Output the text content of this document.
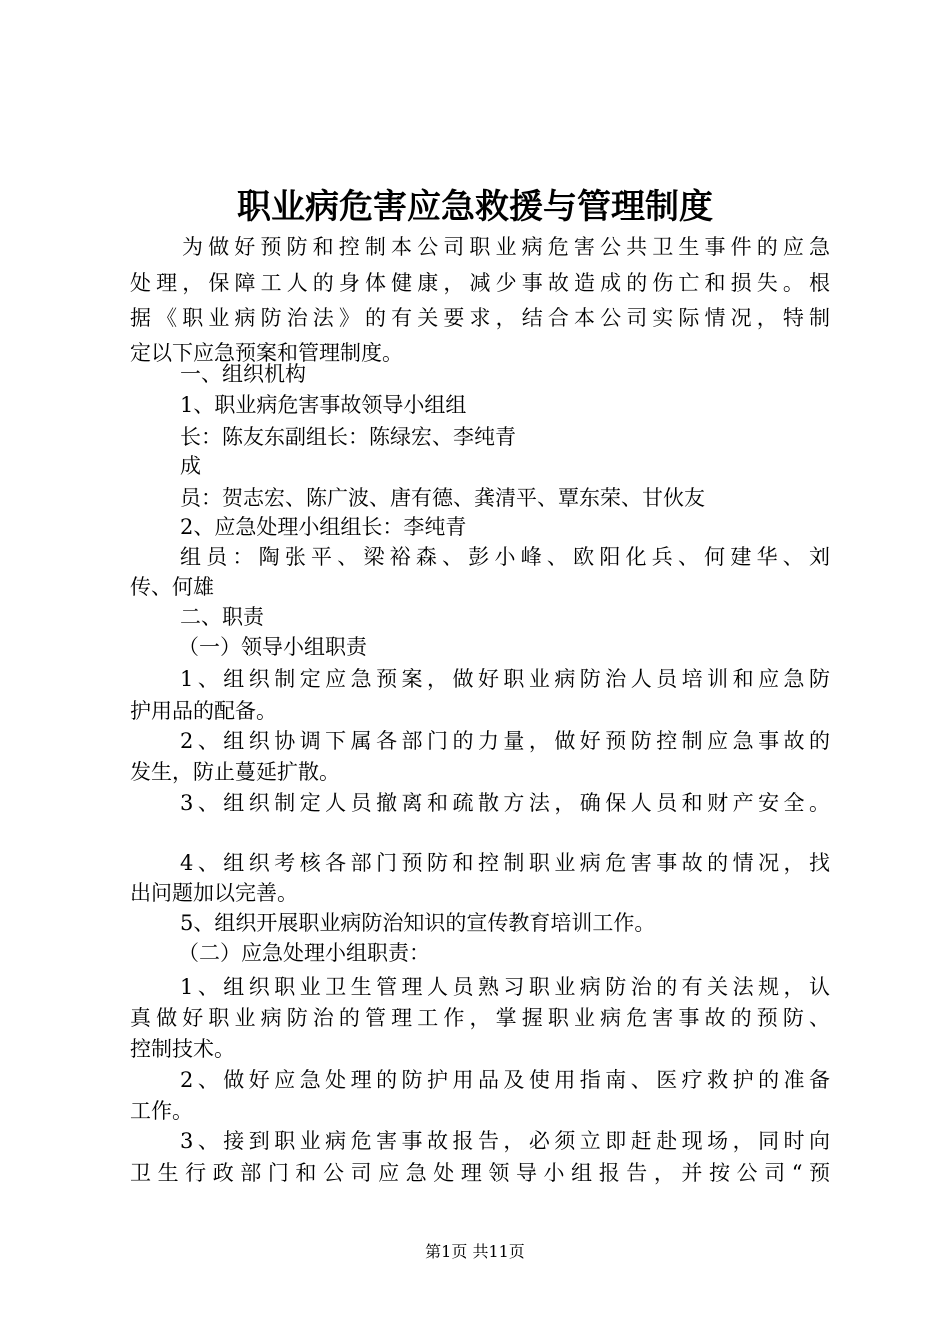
职业病危害应急救援与管理制度
为做好预防和控制本公司职业病危害公共卫生事件的应急
处理，保障工人的身体健康，减少事故造成的伤亡和损失。根
据《职业病防治法》的有关要求，结合本公司实际情况，特制
定以下应急预案和管理制度。
一、组织机构
1、职业病危害事故领导小组组
长：陈友东副组长：陈绿宏、李纯青
成
员：贺志宏、陈广波、唐有德、龚清平、覃东荣、甘伙友
2、应急处理小组组长：李纯青
组员：陶张平、梁裕森、彭小峰、欧阳化兵、何建华、刘
传、何雄
二、职责
（一）领导小组职责
1、组织制定应急预案，做好职业病防治人员培训和应急防
护用品的配备。
2、组织协调下属各部门的力量，做好预防控制应急事故的
发生，防止蔓延扩散。
3、组织制定人员撤离和疏散方法，确保人员和财产安全。
4、组织考核各部门预防和控制职业病危害事故的情况，找
出问题加以完善。
5、组织开展职业病防治知识的宣传教育培训工作。
（二）应急处理小组职责：
1、组织职业卫生管理人员熟习职业病防治的有关法规，认
真做好职业病防治的管理工作，掌握职业病危害事故的预防、
控制技术。
2、做好应急处理的防护用品及使用指南、医疗救护的准备
工作。
3、接到职业病危害事故报告，必须立即赶赴现场，同时向
卫生行政部门和公司应急处理领导小组报告，并按公司“预
第1页 共11页
